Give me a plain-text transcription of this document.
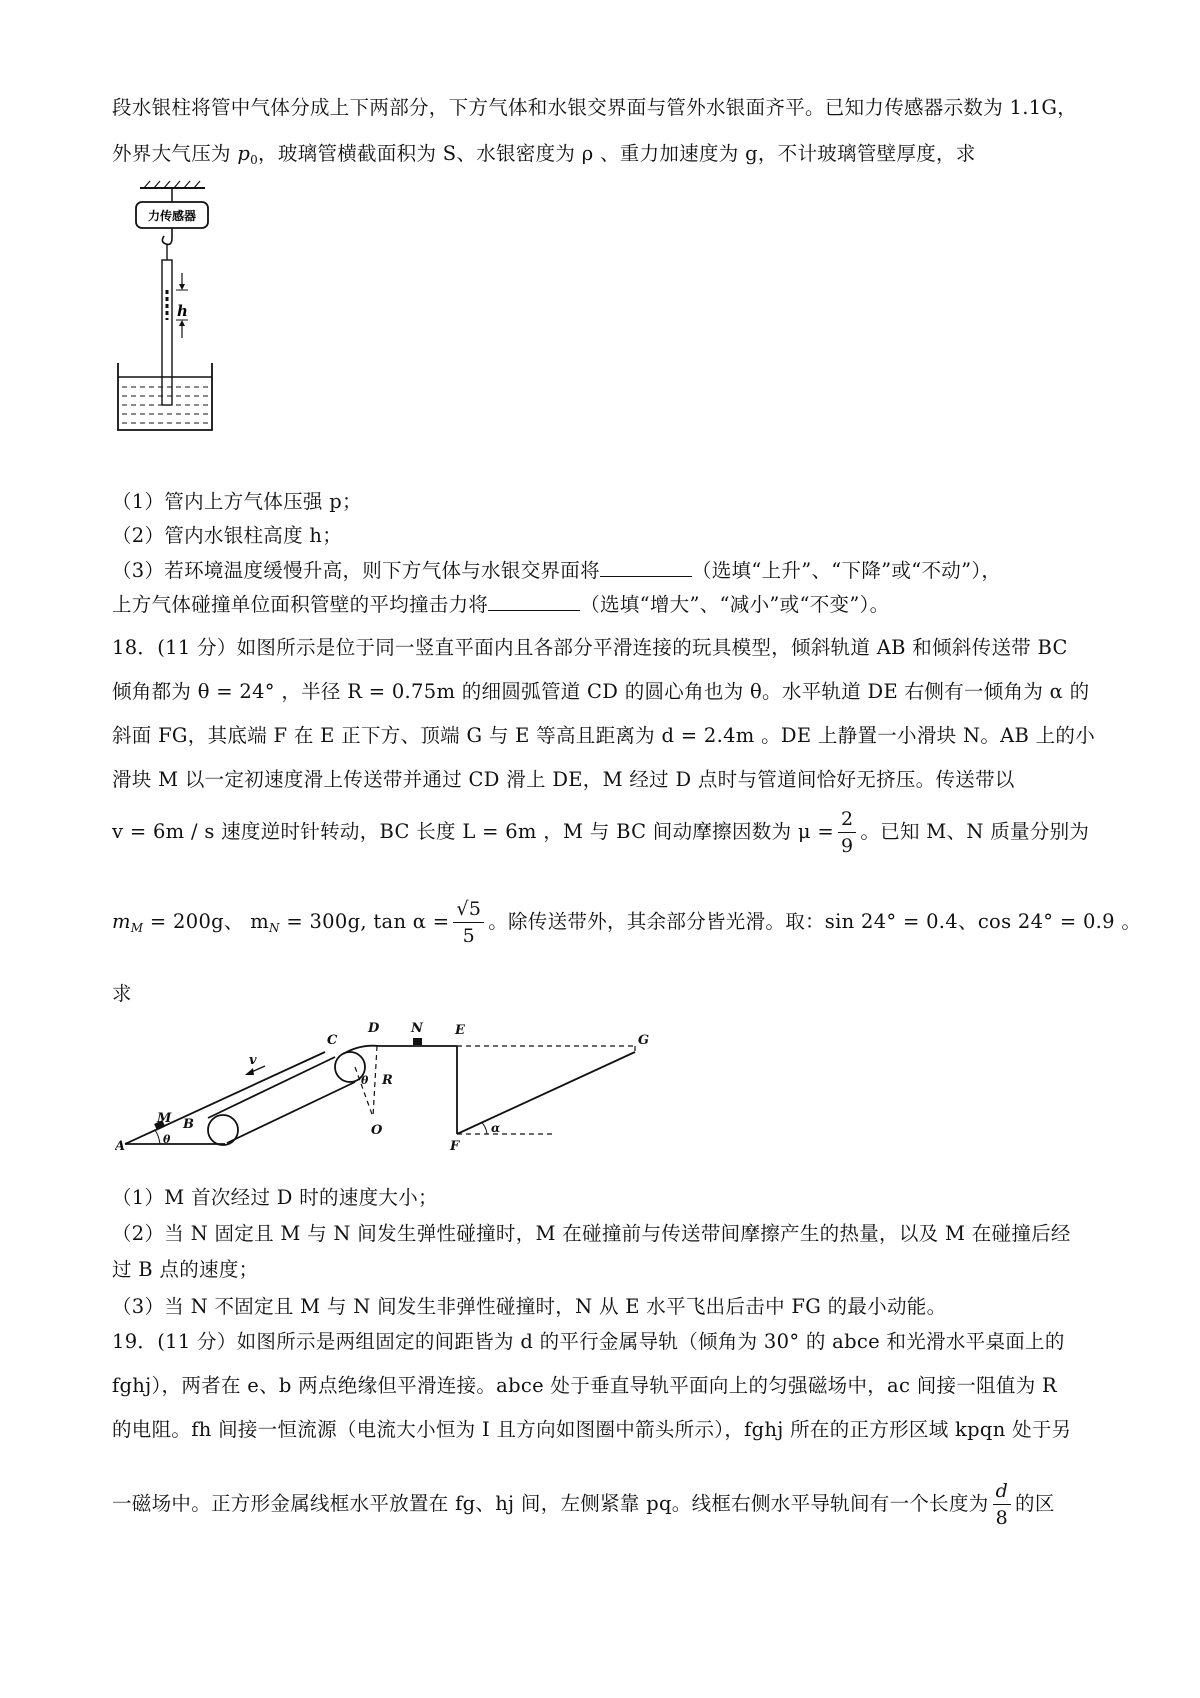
段水银柱将管中气体分成上下两部分，下方气体和水银交界面与管外水银面齐平。已知力传感器示数为 1.1G，
外界大气压为 $p_0$，玻璃管横截面积为 S、水银密度为 ρ 、重力加速度为 g，不计玻璃管壁厚度，求
力传感器
h
（1）管内上方气体压强 p；
（2）管内水银柱高度 h；
（3）若环境温度缓慢升高，则下方气体与水银交界面将	（选填“上升”、“下降”或“不动”），
上方气体碰撞单位面积管壁的平均撞击力将	（选填“增大”、“减小”或“不变”）。
18．(11 分）如图所示是位于同一竖直平面内且各部分平滑连接的玩具模型，倾斜轨道 AB 和倾斜传送带 BC
倾角都为 θ = 24° ，半径 R = 0.75m 的细圆弧管道 CD 的圆心角也为 θ。水平轨道 DE 右侧有一倾角为 α 的
斜面 FG，其底端 F 在 E 正下方、顶端 G 与 E 等高且距离为 d = 2.4m 。DE 上静置一小滑块 N。AB 上的小
滑块 M 以一定初速度滑上传送带并通过 CD 滑上 DE，M 经过 D 点时与管道间恰好无挤压。传送带以
v = 6m / s 速度逆时针转动，BC 长度 L = 6m ，M 与 BC 间动摩擦因数为 $\mu = \frac{2}{9}$ 。已知 M、N 质量分别为
$m_M = 200g$、 $m_N = 300g$, $\tan \alpha = \frac{√5}{5}$ 。除传送带外，其余部分皆光滑。取：sin 24° = 0.4、cos 24° = 0.9 。
求
A
B
M
C
D N E
G
F
O
R
v
θ
θ
α
（1）M 首次经过 D 时的速度大小；
（2）当 N 固定且 M 与 N 间发生弹性碰撞时，M 在碰撞前与传送带间摩擦产生的热量，以及 M 在碰撞后经
过 B 点的速度；
（3）当 N 不固定且 M 与 N 间发生非弹性碰撞时，N 从 E 水平飞出后击中 FG 的最小动能。
19．(11 分）如图所示是两组固定的间距皆为 d 的平行金属导轨（倾角为 30° 的 abce 和光滑水平桌面上的
fghj），两者在 e、b 两点绝缘但平滑连接。abce 处于垂直导轨平面向上的匀强磁场中，ac 间接一阻值为 R
的电阻。fh 间接一恒流源（电流大小恒为 I 且方向如图圈中箭头所示），fghj 所在的正方形区域 kpqn 处于另
一磁场中。正方形金属线框水平放置在 fg、hj 间，左侧紧靠 pq。线框右侧水平导轨间有一个长度为 $\frac{d}{8}$ 的区
